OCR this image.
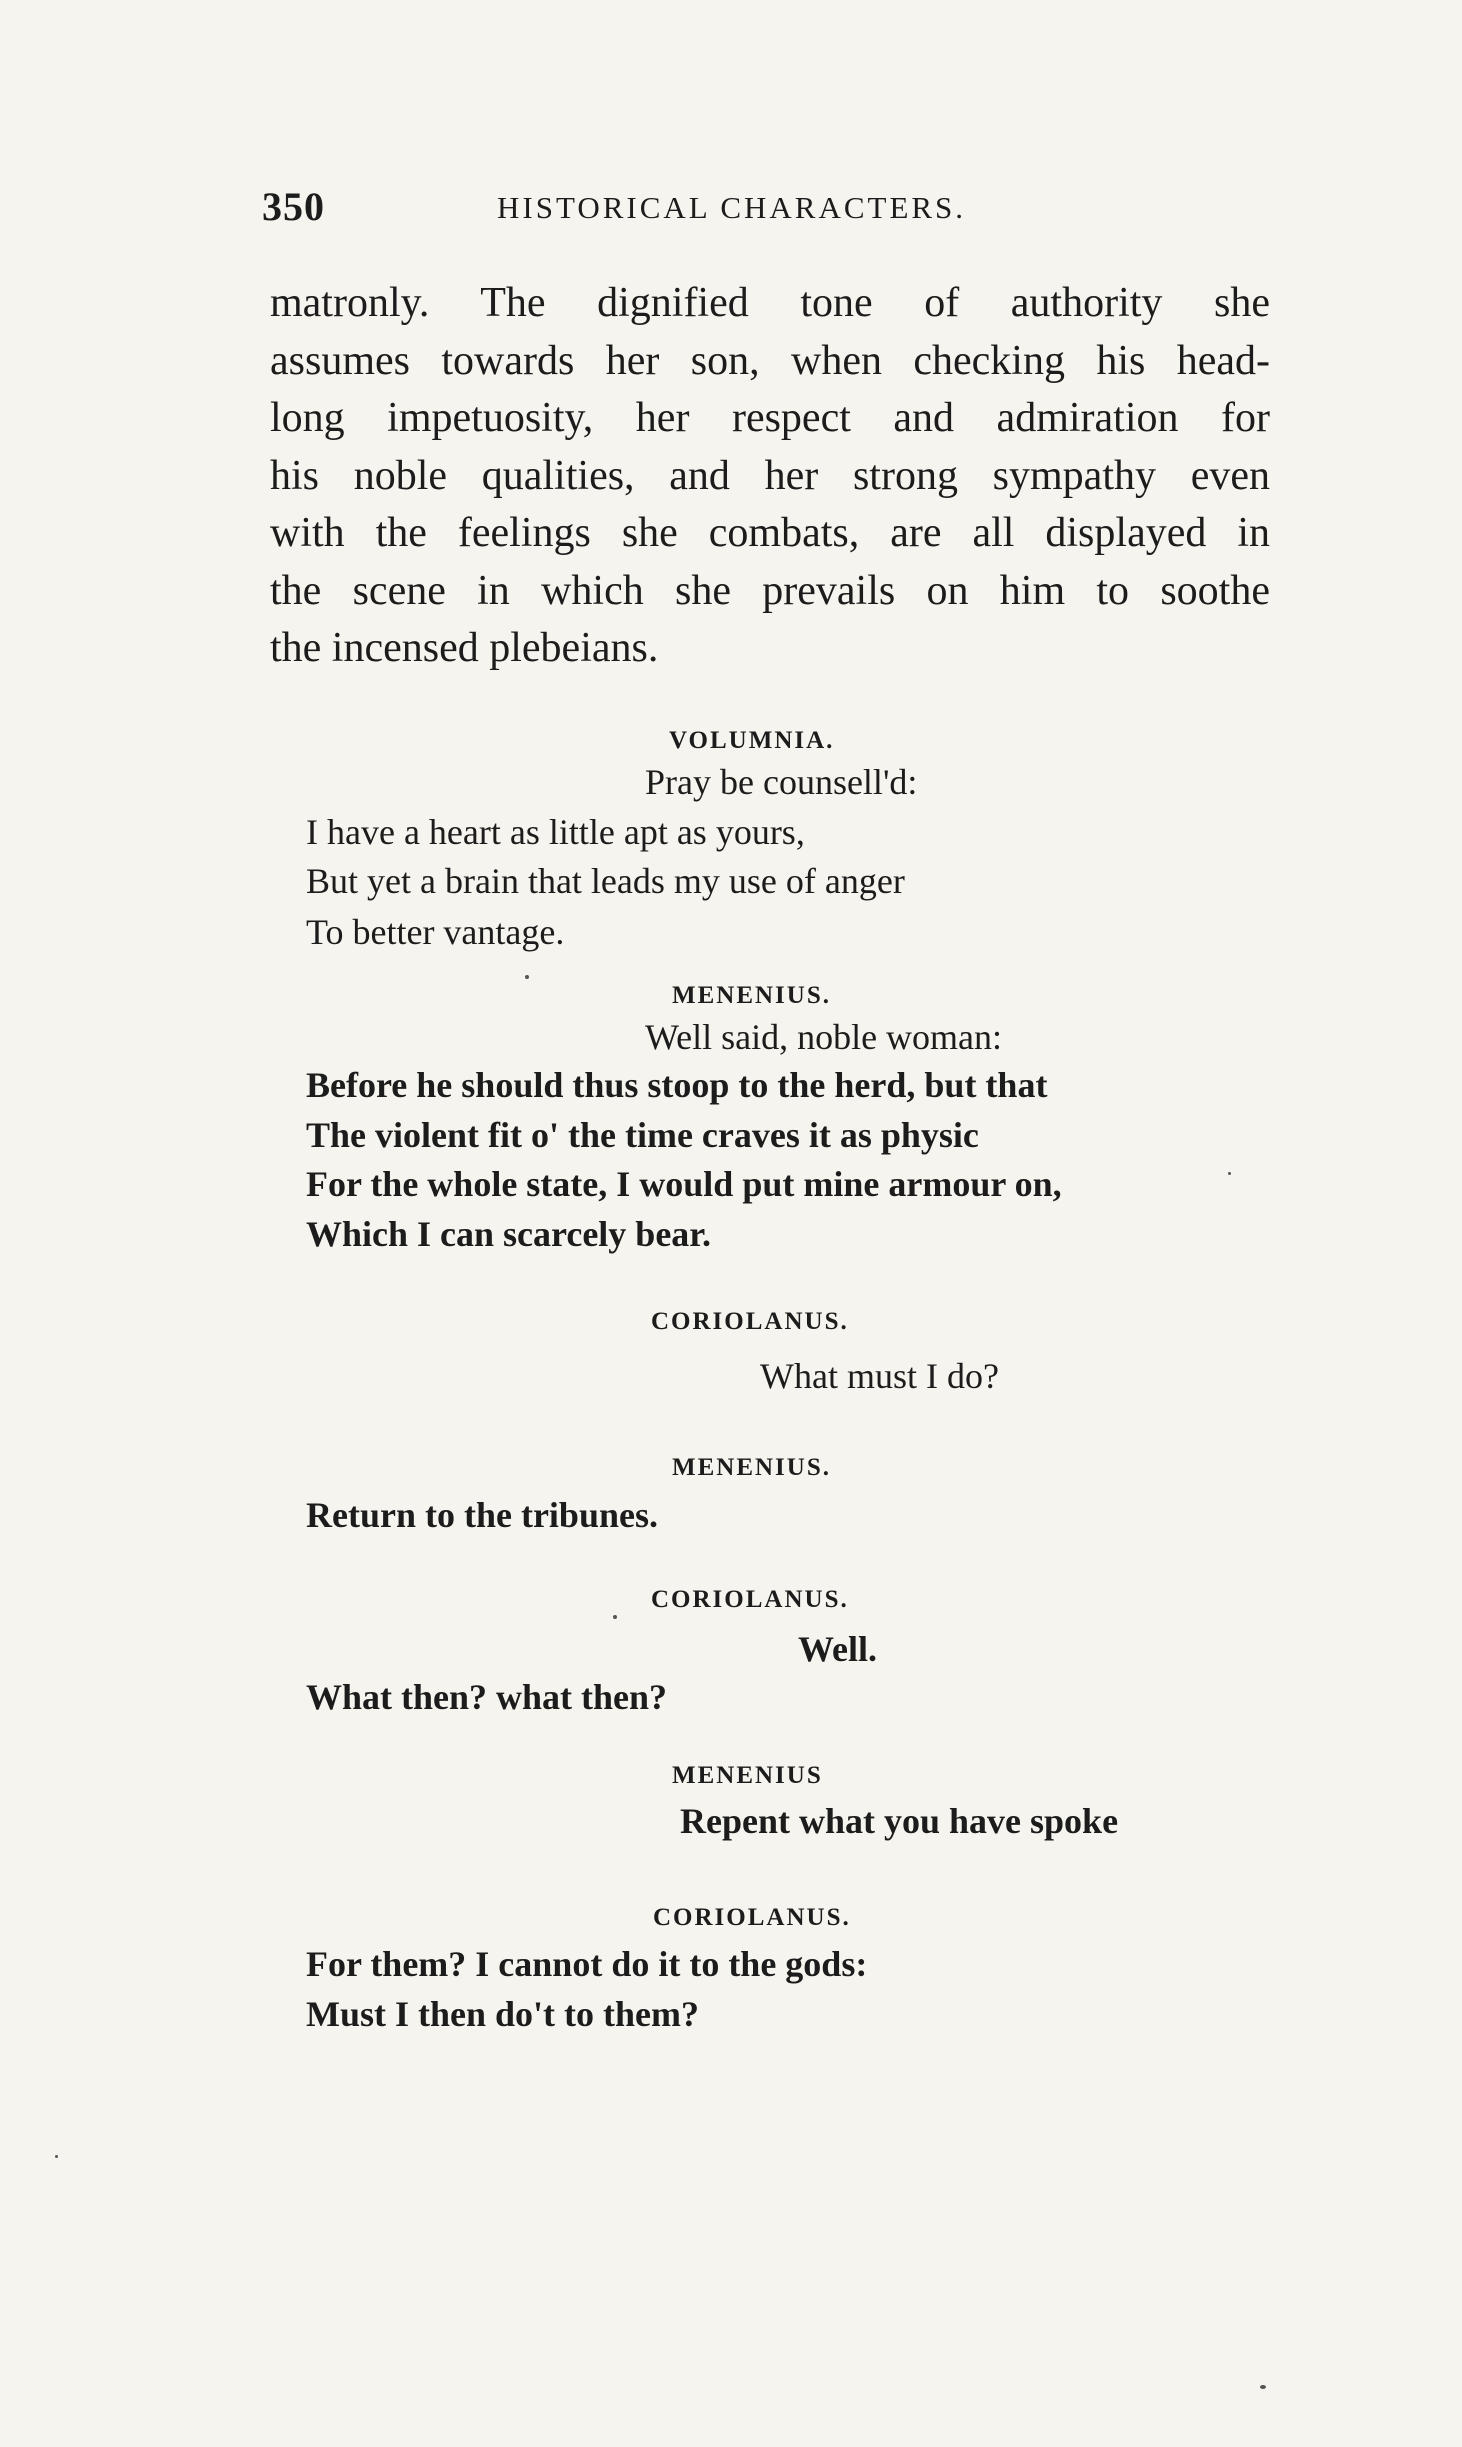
350	HISTORICAL CHARACTERS.
matronly. The dignified tone of authority she
assumes towards her son, when checking his head-
long impetuosity, her respect and admiration for
his noble qualities, and her strong sympathy even
with the feelings she combats, are all displayed in
the scene in which she prevails on him to soothe
the incensed plebeians.
VOLUMNIA.
Pray be counsell'd:
I have a heart as little apt as yours,
But yet a brain that leads my use of anger
To better vantage.
MENENIUS.
Well said, noble woman:
Before he should thus stoop to the herd, but that
The violent fit o' the time craves it as physic
For the whole state, I would put mine armour on,
Which I can scarcely bear.
CORIOLANUS.
What must I do?
MENENIUS.
Return to the tribunes.
CORIOLANUS.
Well.
What then? what then?
MENENIUS
Repent what you have spoke
CORIOLANUS.
For them? I cannot do it to the gods:
Must I then do't to them?
